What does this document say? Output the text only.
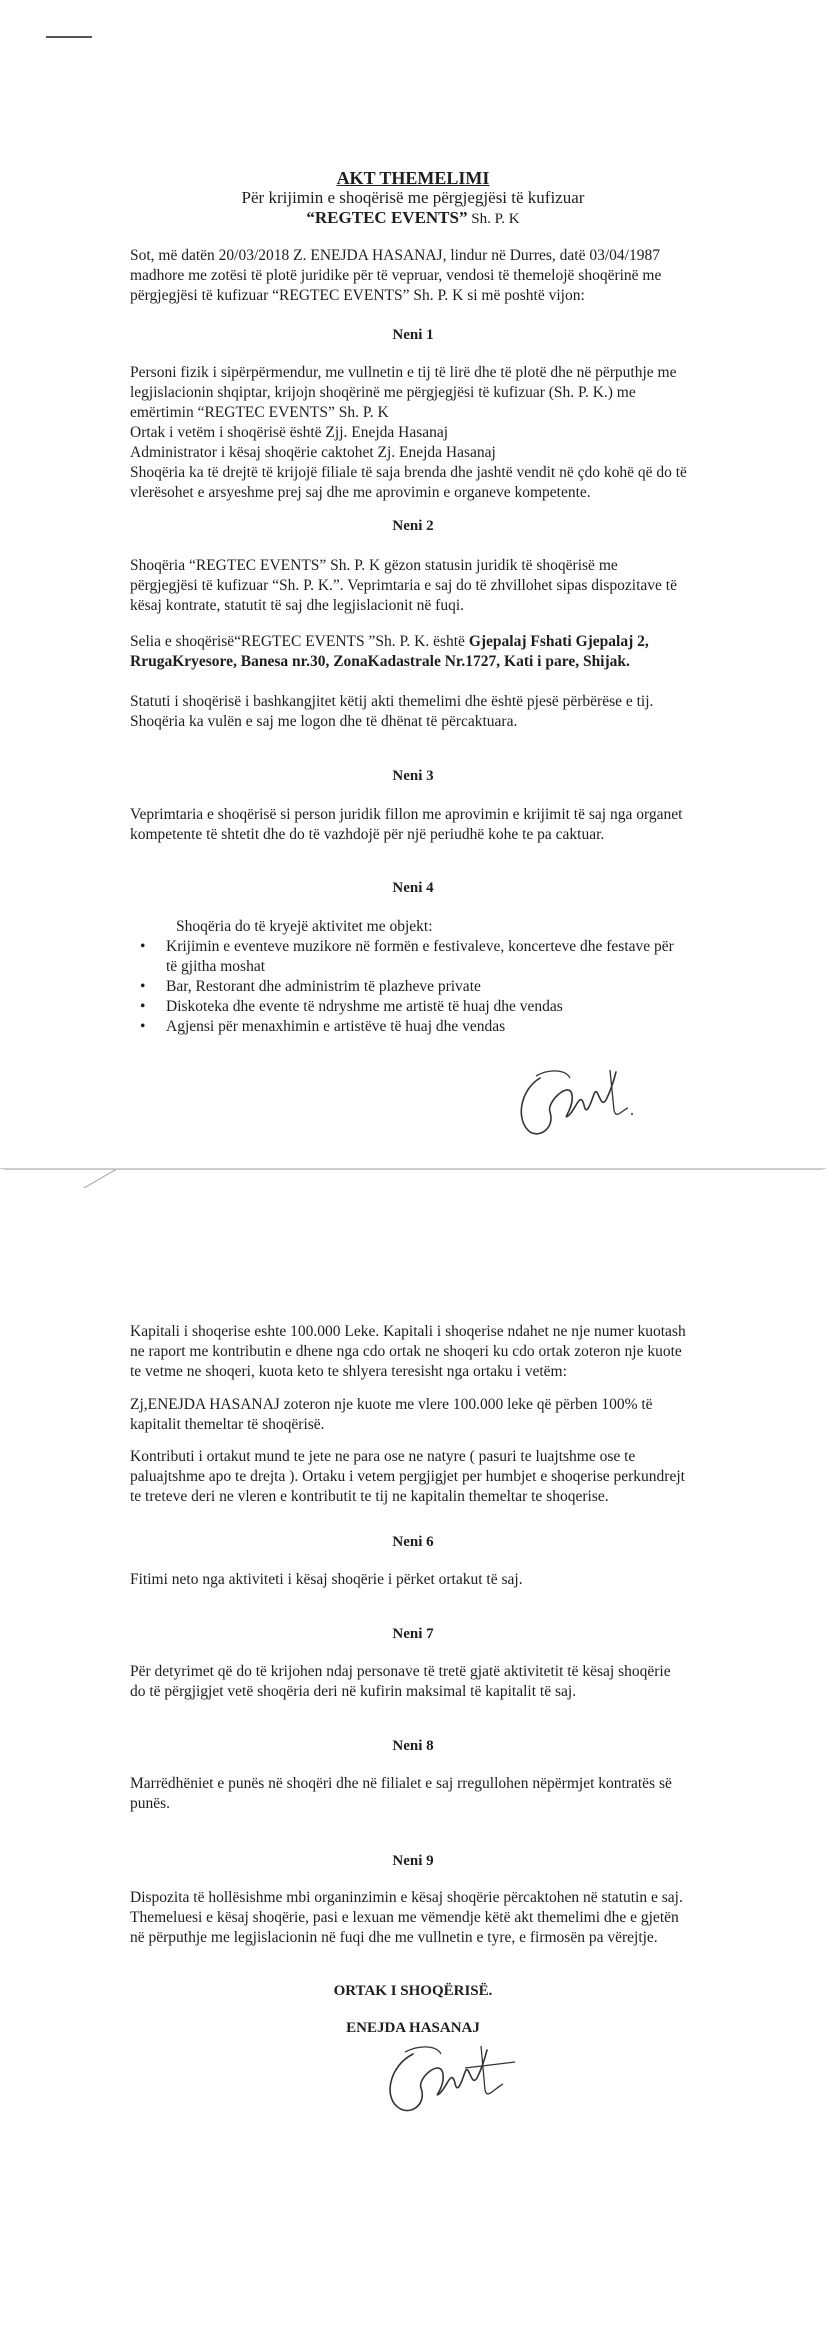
AKT THEMELIMI
Për krijimin e shoqërisë me përgjegjësi të kufizuar
“REGTEC EVENTS” Sh. P. K
Sot, më datën 20/03/2018 Z. ENEJDA HASANAJ, lindur në Durres, datë 03/04/1987
madhore me zotësi të plotë juridike për të vepruar, vendosi të themelojë shoqërinë me
përgjegjësi të kufizuar “REGTEC EVENTS” Sh. P. K si më poshtë vijon:
Neni 1
Personi fizik i sipërpërmendur, me vullnetin e tij të lirë dhe të plotë dhe në përputhje me
legjislacionin shqiptar, krijojn shoqërinë me përgjegjësi të kufizuar (Sh. P. K.) me
emërtimin “REGTEC EVENTS” Sh. P. K
Ortak i vetëm i shoqërisë është Zjj. Enejda Hasanaj
Administrator i kësaj shoqërie caktohet Zj. Enejda Hasanaj
Shoqëria ka të drejtë të krijojë filiale të saja brenda dhe jashtë vendit në çdo kohë që do të
vlerësohet e arsyeshme prej saj dhe me aprovimin e organeve kompetente.
Neni 2
Shoqëria “REGTEC EVENTS” Sh. P. K gëzon statusin juridik të shoqërisë me
përgjegjësi të kufizuar “Sh. P. K.”. Veprimtaria e saj do të zhvillohet sipas dispozitave të
kësaj kontrate, statutit të saj dhe legjislacionit në fuqi.
Selia e shoqërisë“REGTEC EVENTS ”Sh. P. K. është Gjepalaj Fshati Gjepalaj 2,
RrugaKryesore, Banesa nr.30, ZonaKadastrale Nr.1727, Kati i pare, Shijak.
Statuti i shoqërisë i bashkangjitet këtij akti themelimi dhe është pjesë përbërëse e tij.
Shoqëria ka vulën e saj me logon dhe të dhënat të përcaktuara.
Neni 3
Veprimtaria e shoqërisë si person juridik fillon me aprovimin e krijimit të saj nga organet
kompetente të shtetit dhe do të vazhdojë për një periudhë kohe te pa caktuar.
Neni 4
Shoqëria do të kryejë aktivitet me objekt:
• Krijimin e eventeve muzikore në formën e festivaleve, koncerteve dhe festave për
të gjitha moshat
• Bar, Restorant dhe administrim të plazheve private
• Diskoteka dhe evente të ndryshme me artistë të huaj dhe vendas
• Agjensi për menaxhimin e artistëve të huaj dhe vendas
Kapitali i shoqerise eshte 100.000 Leke. Kapitali i shoqerise ndahet ne nje numer kuotash
ne raport me kontributin e dhene nga cdo ortak ne shoqeri ku cdo ortak zoteron nje kuote
te vetme ne shoqeri, kuota keto te shlyera teresisht nga ortaku i vetëm:
Zj,ENEJDA HASANAJ zoteron nje kuote me vlere 100.000 leke që përben 100% të
kapitalit themeltar të shoqërisë.
Kontributi i ortakut mund te jete ne para ose ne natyre ( pasuri te luajtshme ose te
paluajtshme apo te drejta ). Ortaku i vetem pergjigjet per humbjet e shoqerise perkundrejt
te treteve deri ne vleren e kontributit te tij ne kapitalin themeltar te shoqerise.
Neni 6
Fitimi neto nga aktiviteti i kësaj shoqërie i përket ortakut të saj.
Neni 7
Për detyrimet që do të krijohen ndaj personave të tretë gjatë aktivitetit të kësaj shoqërie
do të përgjigjet vetë shoqëria deri në kufirin maksimal të kapitalit të saj.
Neni 8
Marrëdhëniet e punës në shoqëri dhe në filialet e saj rregullohen nëpërmjet kontratës së
punës.
Neni 9
Dispozita të hollësishme mbi organinzimin e kësaj shoqërie përcaktohen në statutin e saj.
Themeluesi e kësaj shoqërie, pasi e lexuan me vëmendje këtë akt themelimi dhe e gjetën
në përputhje me legjislacionin në fuqi dhe me vullnetin e tyre, e firmosën pa vërejtje.
ORTAK I SHOQËRISË.
ENEJDA HASANAJ
